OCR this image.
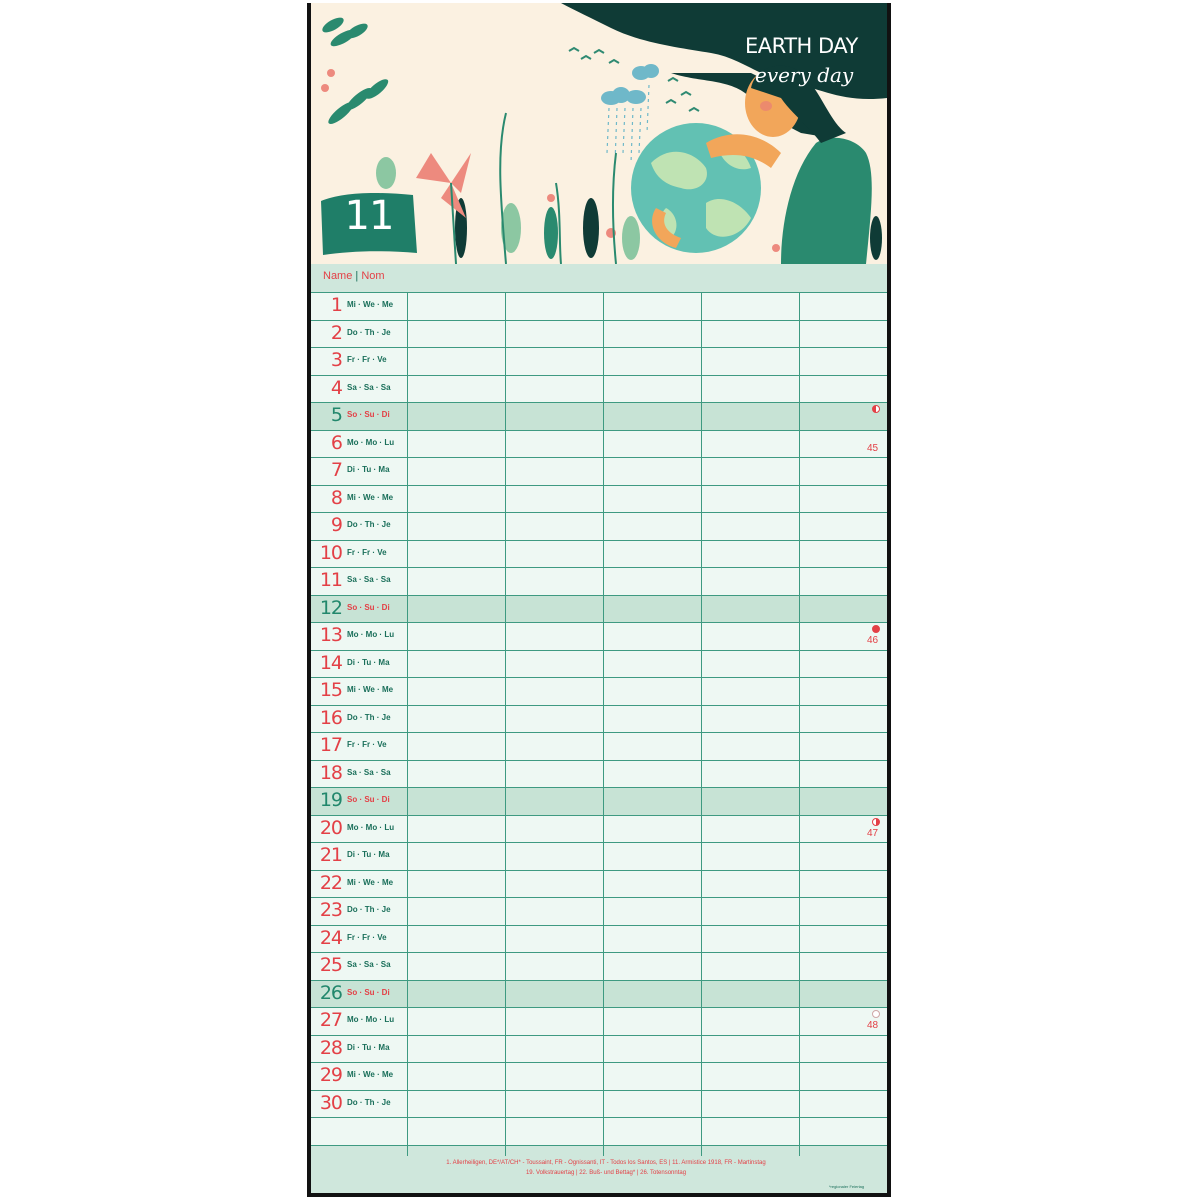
11
EARTH DAY
every day
Name | Nom
1 Mi · We · Me
2 Do · Th · Je
3 Fr · Fr · Ve
4 Sa · Sa · Sa
5 So · Su · Di
6 Mo · Mo · Lu
45
7 Di · Tu · Ma
8 Mi · We · Me
9 Do · Th · Je
10 Fr · Fr · Ve
11 Sa · Sa · Sa
12 So · Su · Di
13 Mo · Mo · Lu
46
14 Di · Tu · Ma
15 Mi · We · Me
16 Do · Th · Je
17 Fr · Fr · Ve
18 Sa · Sa · Sa
19 So · Su · Di
20 Mo · Mo · Lu
47
21 Di · Tu · Ma
22 Mi · We · Me
23 Do · Th · Je
24 Fr · Fr · Ve
25 Sa · Sa · Sa
26 So · Su · Di
27 Mo · Mo · Lu
48
28 Di · Tu · Ma
29 Mi · We · Me
30 Do · Th · Je
1. Allerheiligen, DE*/AT/CH* - Toussaint, FR - Ognissanti, IT - Todos los Santos, ES | 11. Armistice 1918, FR - Martinstag
19. Volkstrauertag | 22. Buß- und Bettag* | 26. Totensonntag
*regionaler Feiertag
